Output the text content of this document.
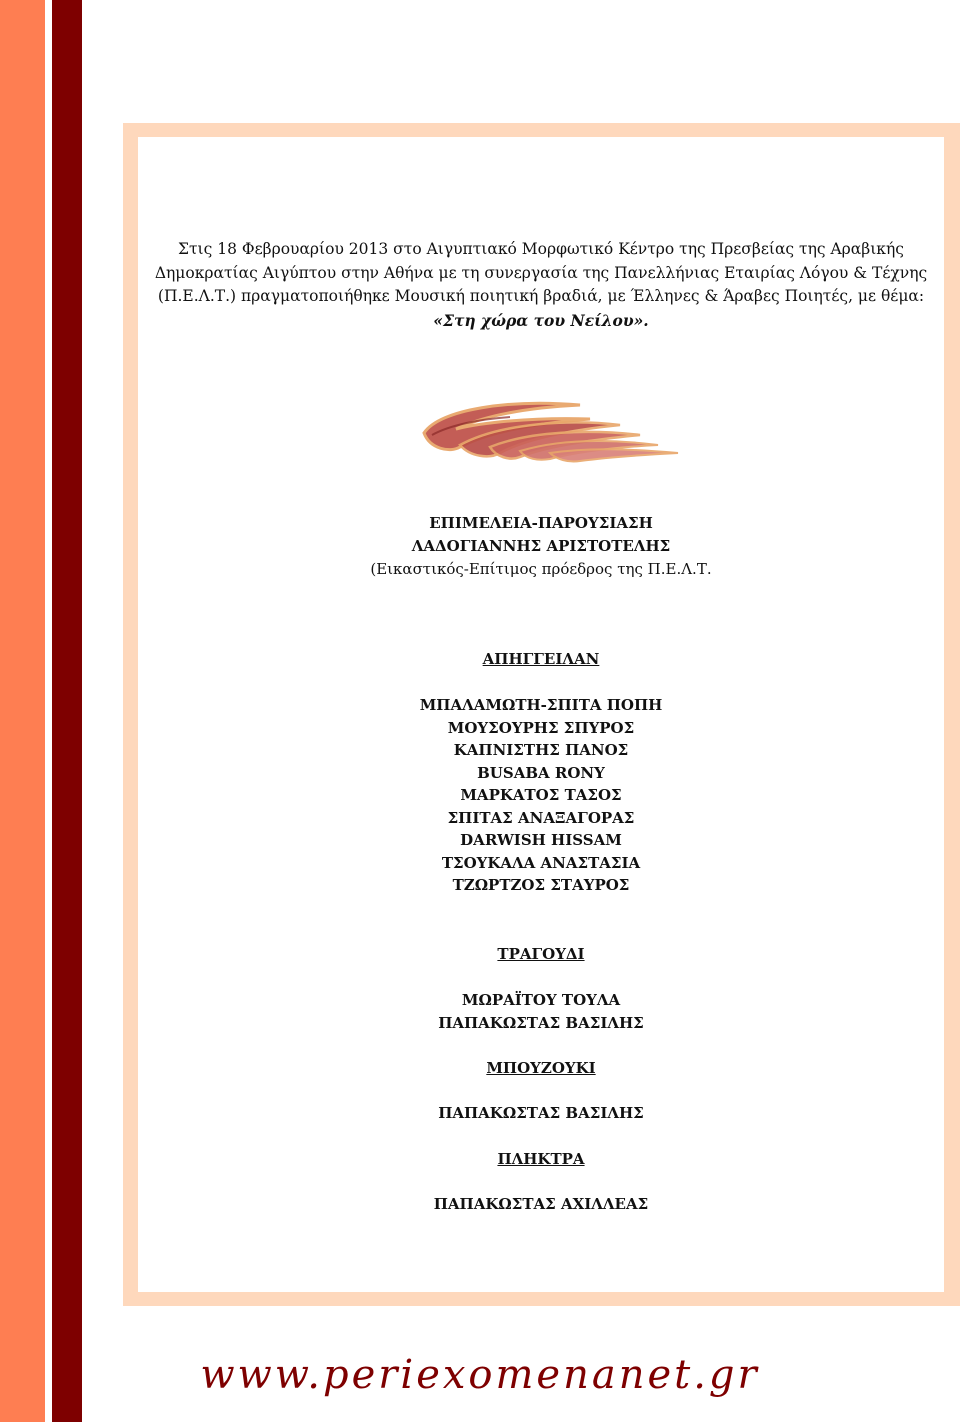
Στις 18 Φεβρουαρίου 2013 στο Αιγυπτιακό Μορφωτικό Κέντρο της Πρεσβείας της Αραβικής
Δημοκρατίας Αιγύπτου στην Αθήνα με τη συνεργασία της Πανελλήνιας Εταιρίας Λόγου & Τέχνης
(Π.Ε.Λ.Τ.) πραγματοποιήθηκε Μουσική ποιητική βραδιά, με Έλληνες & Άραβες Ποιητές, με θέμα:
«Στη χώρα του Νείλου».
ΕΠΙΜΕΛΕΙΑ-ΠΑΡΟΥΣΙΑΣΗ
ΛΑΔΟΓΙΑΝΝΗΣ ΑΡΙΣΤΟΤΕΛΗΣ
(Εικαστικός-Επίτιμος πρόεδρος της Π.Ε.Λ.Τ.
ΑΠΗΓΓΕΙΛΑΝ
ΜΠΑΛΑΜΩΤΗ-ΣΠΙΤΑ ΠΟΠΗ
ΜΟΥΣΟΥΡΗΣ ΣΠΥΡΟΣ
ΚΑΠΝΙΣΤΗΣ ΠΑΝΟΣ
BUSABA RONY
ΜΑΡΚΑΤΟΣ ΤΑΣΟΣ
ΣΠΙΤΑΣ ΑΝΑΞΑΓΟΡΑΣ
DARWISH HISSAM
ΤΣΟΥΚΑΛΑ ΑΝΑΣΤΑΣΙΑ
ΤΖΩΡΤΖΟΣ ΣΤΑΥΡΟΣ
ΤΡΑΓΟΥΔΙ
ΜΩΡΑΪΤΟΥ ΤΟΥΛΑ
ΠΑΠΑΚΩΣΤΑΣ ΒΑΣΙΛΗΣ
ΜΠΟΥΖΟΥΚΙ
ΠΑΠΑΚΩΣΤΑΣ ΒΑΣΙΛΗΣ
ΠΛΗΚΤΡΑ
ΠΑΠΑΚΩΣΤΑΣ ΑΧΙΛΛΕΑΣ
www.periexomenanet.gr
